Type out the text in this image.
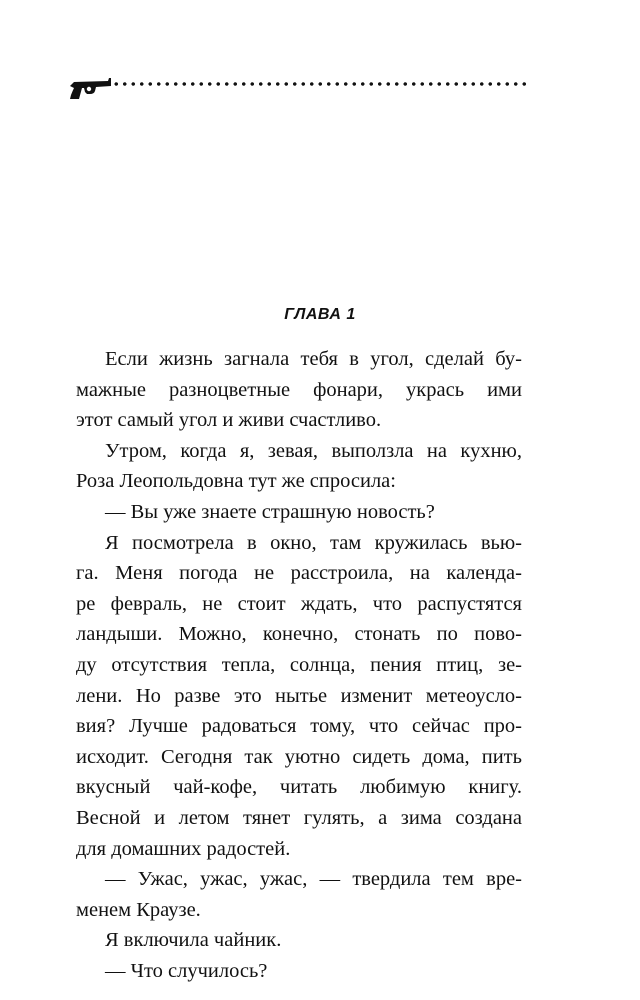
ГЛАВА 1

Если жизнь загнала тебя в угол, сделай бу-
мажные разноцветные фонари, укрась ими
этот самый угол и живи счастливо.

Утром, когда я, зевая, выползла на кухню,
Роза Леопольдовна тут же спросила:

— Вы уже знаете страшную новость?

Я посмотрела в окно, там кружилась вью-
га. Меня погода не расстроила, на календа-
ре февраль, не стоит ждать, что распустятся
ландыши. Можно, конечно, стонать по пово-
ду отсутствия тепла, солнца, пения птиц, зе-
лени. Но разве это нытье изменит метеоусло-
вия? Лучше радоваться тому, что сейчас про-
исходит. Сегодня так уютно сидеть дома, пить
вкусный чай-кофе, читать любимую книгу.
Весной и летом тянет гулять, а зима создана
для домашних радостей.

— Ужас, ужас, ужас, — твердила тем вре-
менем Краузе.

Я включила чайник.

— Что случилось?
